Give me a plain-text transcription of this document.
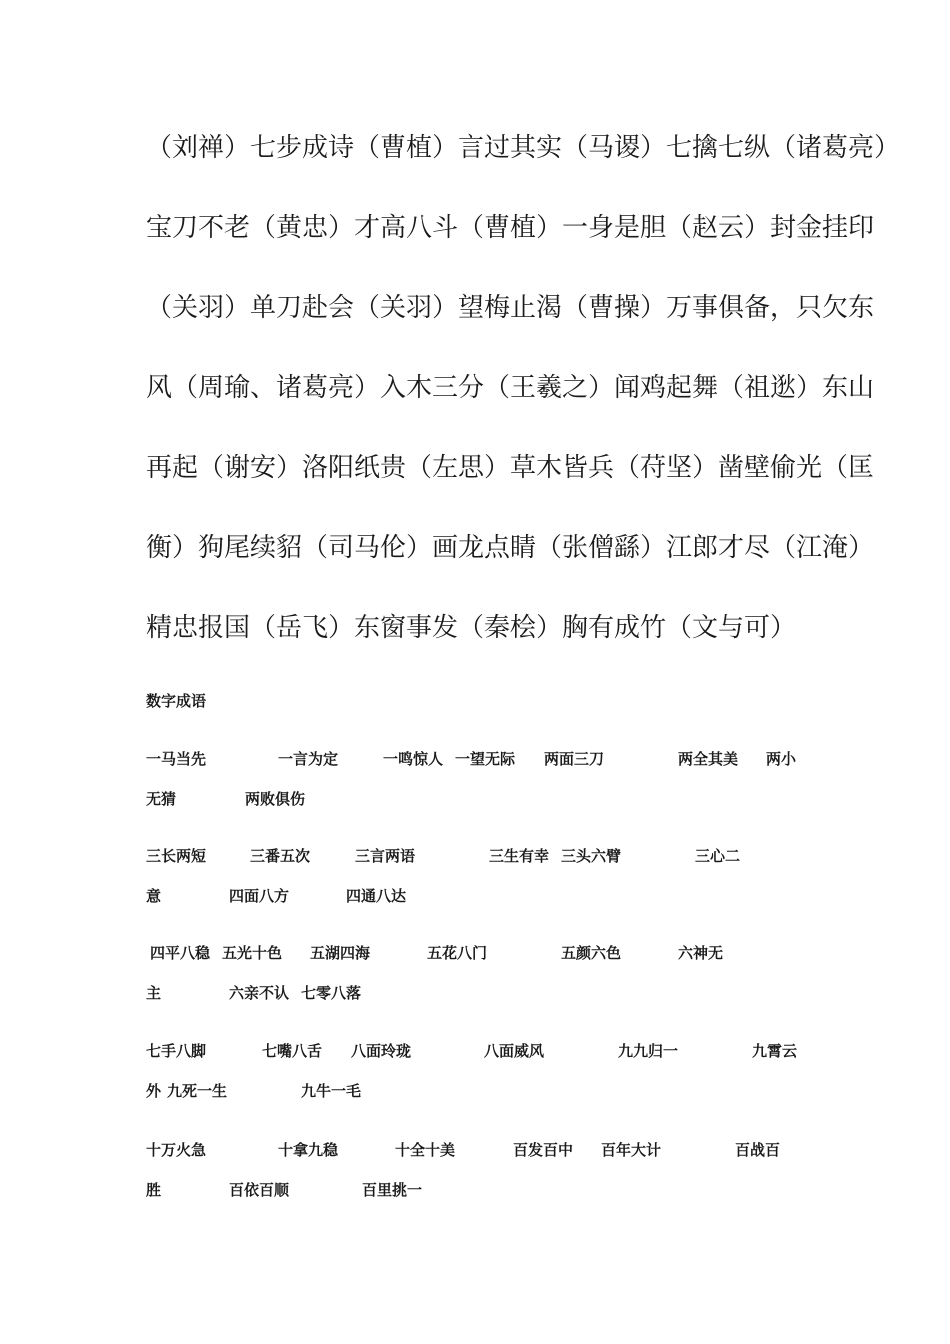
（刘禅）七步成诗（曹植）言过其实（马谡）七擒七纵（诸葛亮）
宝刀不老（黄忠）才高八斗（曹植）一身是胆（赵云）封金挂印
（关羽）单刀赴会（关羽）望梅止渴（曹操）万事俱备，只欠东
风（周瑜、诸葛亮）入木三分（王羲之）闻鸡起舞（祖逖）东山
再起（谢安）洛阳纸贵（左思）草木皆兵（苻坚）凿壁偷光（匡
衡）狗尾续貂（司马伦）画龙点睛（张僧繇）江郎才尽（江淹）
精忠报国（岳飞）东窗事发（秦桧）胸有成竹（文与可）
数字成语
一马当先	一言为定	一鸣惊人 一望无际 两面三刀	两全其美 两小
无猜	两败俱伤
三长两短	三番五次	三言两语	三生有幸 三头六臂	三心二
意	四面八方	四通八达
四平八稳 五光十色 五湖四海	五花八门	五颜六色	六神无
主	六亲不认 七零八落
七手八脚	七嘴八舌 八面玲珑	八面威风	九九归一	九霄云
外 九死一生	九牛一毛
十万火急	十拿九稳	十全十美	百发百中 百年大计	百战百
胜	百依百顺	百里挑一
